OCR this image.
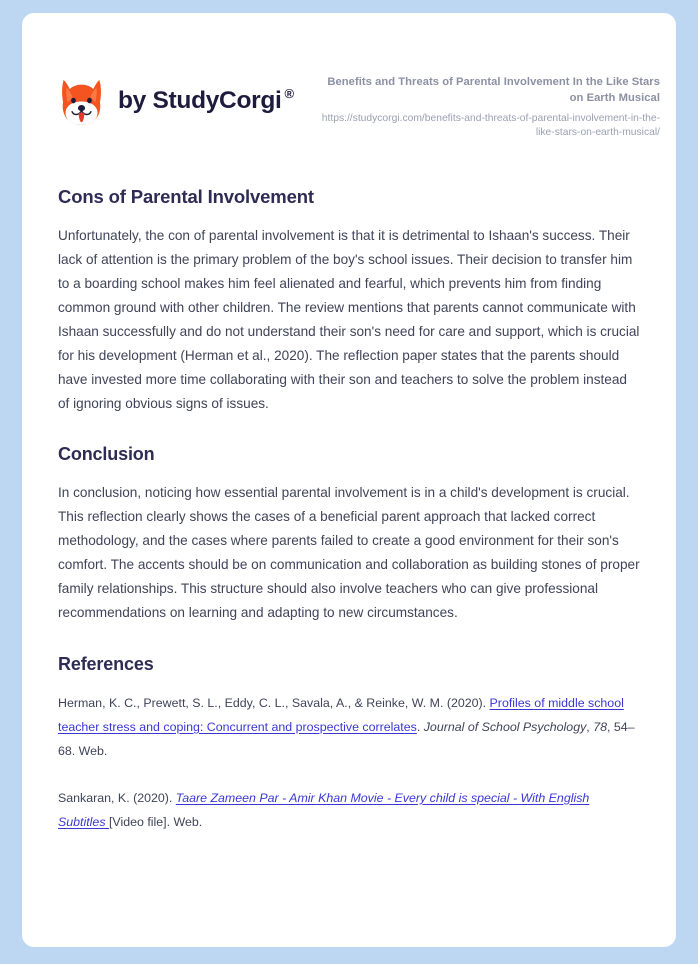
by StudyCorgi ®

Benefits and Threats of Parental Involvement In the Like Stars on Earth Musical

https://studycorgi.com/benefits-and-threats-of-parental-involvement-in-the-like-stars-on-earth-musical/

Cons of Parental Involvement

Unfortunately, the con of parental involvement is that it is detrimental to Ishaan's success. Their lack of attention is the primary problem of the boy's school issues. Their decision to transfer him to a boarding school makes him feel alienated and fearful, which prevents him from finding common ground with other children. The review mentions that parents cannot communicate with Ishaan successfully and do not understand their son's need for care and support, which is crucial for his development (Herman et al., 2020). The reflection paper states that the parents should have invested more time collaborating with their son and teachers to solve the problem instead of ignoring obvious signs of issues.

Conclusion

In conclusion, noticing how essential parental involvement is in a child's development is crucial. This reflection clearly shows the cases of a beneficial parent approach that lacked correct methodology, and the cases where parents failed to create a good environment for their son's comfort. The accents should be on communication and collaboration as building stones of proper family relationships. This structure should also involve teachers who can give professional recommendations on learning and adapting to new circumstances.

References

Herman, K. C., Prewett, S. L., Eddy, C. L., Savala, A., & Reinke, W. M. (2020). Profiles of middle school teacher stress and coping: Concurrent and prospective correlates. Journal of School Psychology, 78, 54–68. Web.

Sankaran, K. (2020). Taare Zameen Par - Amir Khan Movie - Every child is special - With English Subtitles [Video file]. Web.
